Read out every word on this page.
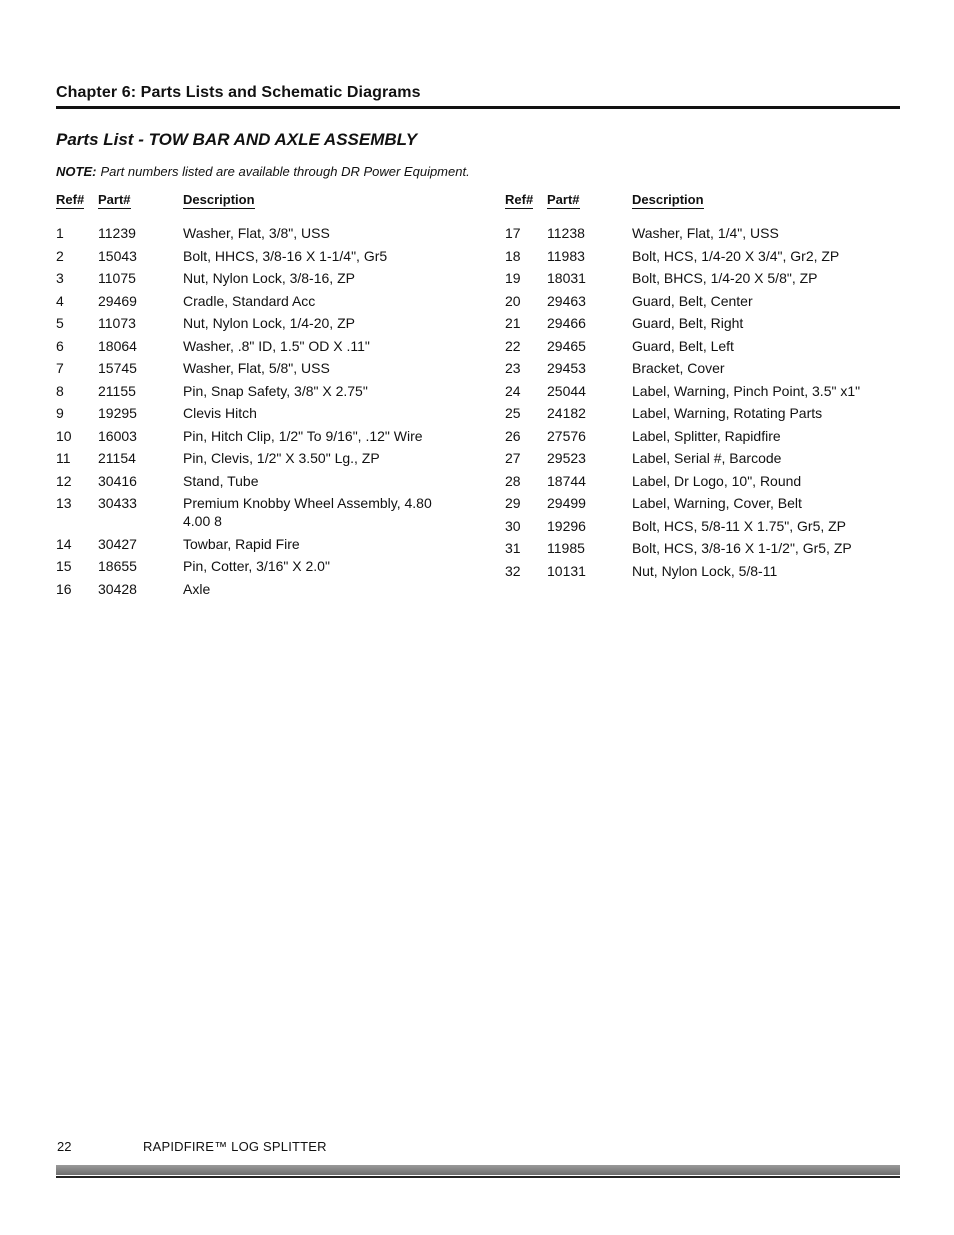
Chapter 6: Parts Lists and Schematic Diagrams
Parts List - TOW BAR AND AXLE ASSEMBLY
NOTE: Part numbers listed are available through DR Power Equipment.
Ref# Part#	Description
1 11239	Washer, Flat, 3/8", USS
2 15043	Bolt, HHCS, 3/8-16 X 1-1/4", Gr5
3 11075	Nut, Nylon Lock, 3/8-16, ZP
4 29469	Cradle, Standard Acc
5 11073	Nut, Nylon Lock, 1/4-20, ZP
6 18064	Washer, .8" ID, 1.5" OD X .11"
7 15745	Washer, Flat, 5/8", USS
8 21155	Pin, Snap Safety, 3/8" X 2.75"
9 19295	Clevis Hitch
10 16003	Pin, Hitch Clip, 1/2" To 9/16", .12" Wire
11 21154	Pin, Clevis, 1/2" X 3.50" Lg., ZP
12 30416	Stand, Tube
13 30433	Premium Knobby Wheel Assembly, 4.80 4.00 8
14 30427	Towbar, Rapid Fire
15 18655	Pin, Cotter, 3/16" X 2.0"
16 30428	Axle
Ref# Part#	Description
17 11238	Washer, Flat, 1/4", USS
18 11983	Bolt, HCS, 1/4-20 X 3/4", Gr2, ZP
19 18031	Bolt, BHCS, 1/4-20 X 5/8", ZP
20 29463	Guard, Belt, Center
21 29466	Guard, Belt, Right
22 29465	Guard, Belt, Left
23 29453	Bracket, Cover
24 25044	Label, Warning, Pinch Point, 3.5" x1"
25 24182	Label, Warning, Rotating Parts
26 27576	Label, Splitter, Rapidfire
27 29523	Label, Serial #, Barcode
28 18744	Label, Dr Logo, 10", Round
29 29499	Label, Warning, Cover, Belt
30 19296	Bolt, HCS, 5/8-11 X 1.75", Gr5, ZP
31 11985	Bolt, HCS, 3/8-16 X 1-1/2", Gr5, ZP
32 10131	Nut, Nylon Lock, 5/8-11
22	RAPIDFIRE™ LOG SPLITTER
